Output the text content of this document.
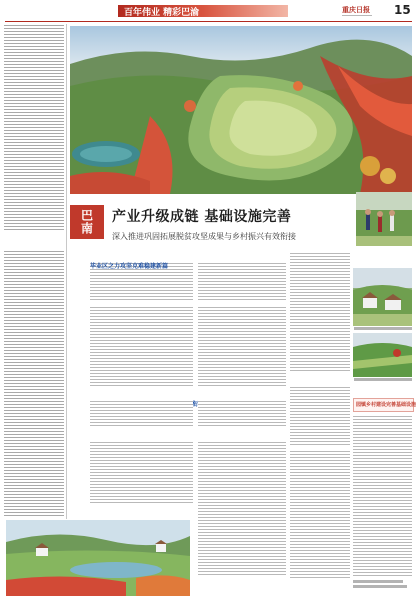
百年伟业 精彩巴渝	重庆日报 15
巴南 产业升级成链 基础设施完善
深入推进巩固拓展脱贫攻坚成果与乡村振兴有效衔接
毕业区之力攻坚克难稳建新篇
园镇乡村建设完善基础设施
